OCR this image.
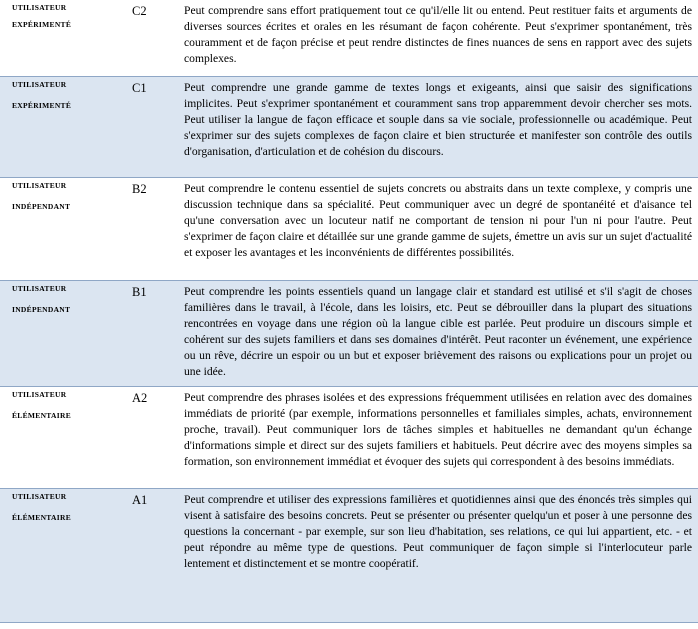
UTILISATEUR
EXPÉRIMENTÉ	C2	Peut comprendre sans effort pratiquement tout ce qu'il/elle lit ou entend. Peut restituer faits et arguments de diverses sources écrites et orales en les résumant de façon cohérente. Peut s'exprimer spontanément, très couramment et de façon précise et peut rendre distinctes de fines nuances de sens en rapport avec des sujets complexes.

UTILISATEUR
EXPÉRIMENTÉ	C1	Peut comprendre une grande gamme de textes longs et exigeants, ainsi que saisir des significations implicites. Peut s'exprimer spontanément et couramment sans trop apparemment devoir chercher ses mots. Peut utiliser la langue de façon efficace et souple dans sa vie sociale, professionnelle ou académique. Peut s'exprimer sur des sujets complexes de façon claire et bien structurée et manifester son contrôle des outils d'organisation, d'articulation et de cohésion du discours.

UTILISATEUR
INDÉPENDANT	B2	Peut comprendre le contenu essentiel de sujets concrets ou abstraits dans un texte complexe, y compris une discussion technique dans sa spécialité. Peut communiquer avec un degré de spontanéité et d'aisance tel qu'une conversation avec un locuteur natif ne comportant de tension ni pour l'un ni pour l'autre. Peut s'exprimer de façon claire et détaillée sur une grande gamme de sujets, émettre un avis sur un sujet d'actualité et exposer les avantages et les inconvénients de différentes possibilités.

UTILISATEUR
INDÉPENDANT	B1	Peut comprendre les points essentiels quand un langage clair et standard est utilisé et s'il s'agit de choses familières dans le travail, à l'école, dans les loisirs, etc. Peut se débrouiller dans la plupart des situations rencontrées en voyage dans une région où la langue cible est parlée. Peut produire un discours simple et cohérent sur des sujets familiers et dans ses domaines d'intérêt. Peut raconter un événement, une expérience ou un rêve, décrire un espoir ou un but et exposer brièvement des raisons ou explications pour un projet ou une idée.

UTILISATEUR
ÉLÉMENTAIRE	A2	Peut comprendre des phrases isolées et des expressions fréquemment utilisées en relation avec des domaines immédiats de priorité (par exemple, informations personnelles et familiales simples, achats, environnement proche, travail). Peut communiquer lors de tâches simples et habituelles ne demandant qu'un échange d'informations simple et direct sur des sujets familiers et habituels. Peut décrire avec des moyens simples sa formation, son environnement immédiat et évoquer des sujets qui correspondent à des besoins immédiats.

UTILISATEUR
ÉLÉMENTAIRE	A1	Peut comprendre et utiliser des expressions familières et quotidiennes ainsi que des énoncés très simples qui visent à satisfaire des besoins concrets. Peut se présenter ou présenter quelqu'un et poser à une personne des questions la concernant - par exemple, sur son lieu d'habitation, ses relations, ce qui lui appartient, etc. - et peut répondre au même type de questions. Peut communiquer de façon simple si l'interlocuteur parle lentement et distinctement et se montre coopératif.
